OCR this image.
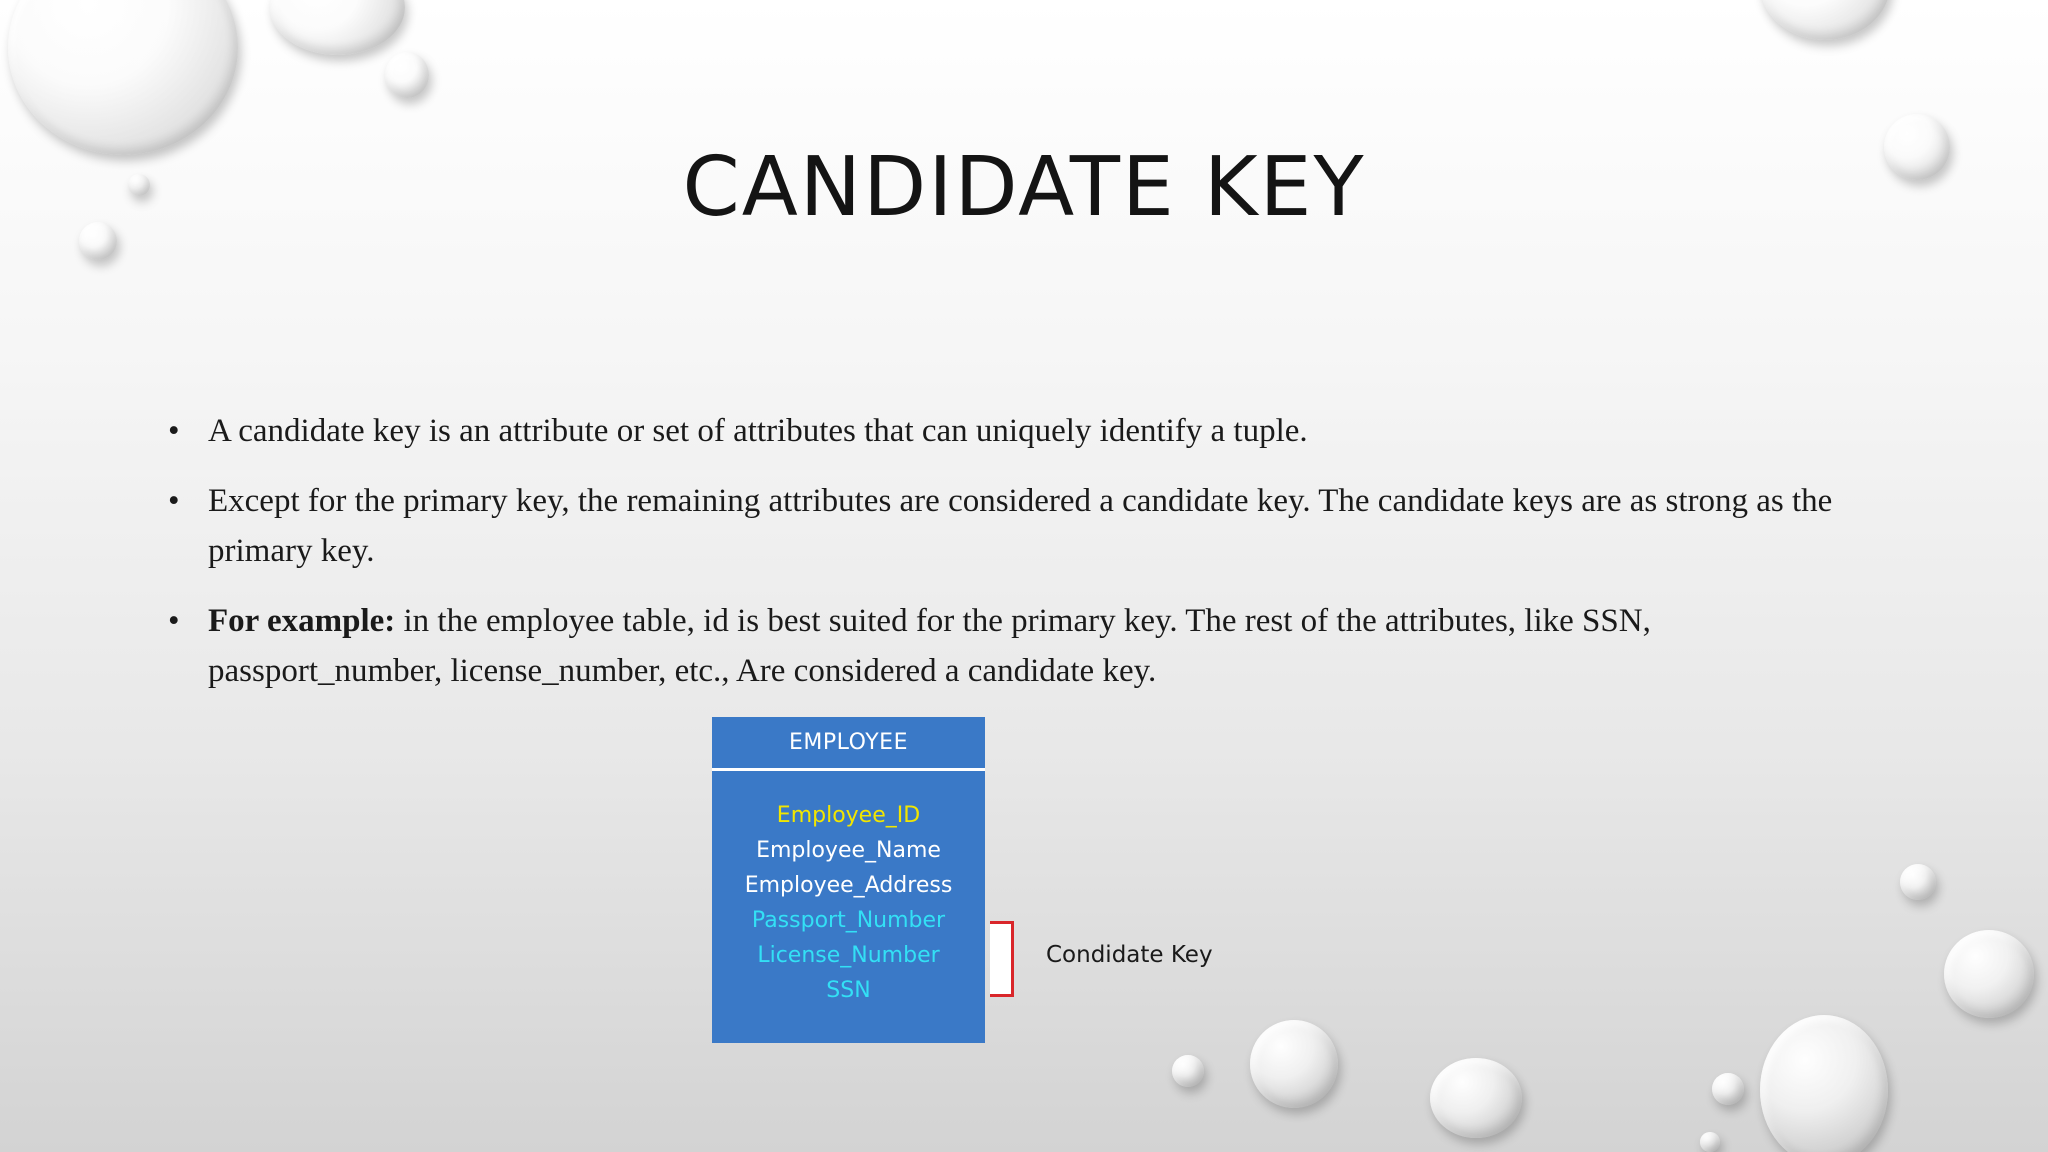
CANDIDATE KEY
• A candidate key is an attribute or set of attributes that can uniquely identify a tuple.
• Except for the primary key, the remaining attributes are considered a candidate key. The candidate keys are as strong as the primary key.
• For example: in the employee table, id is best suited for the primary key. The rest of the attributes, like SSN, passport_number, license_number, etc., Are considered a candidate key.
EMPLOYEE
Employee_ID
Employee_Name
Employee_Address
Passport_Number
License_Number
SSN
Condidate Key
